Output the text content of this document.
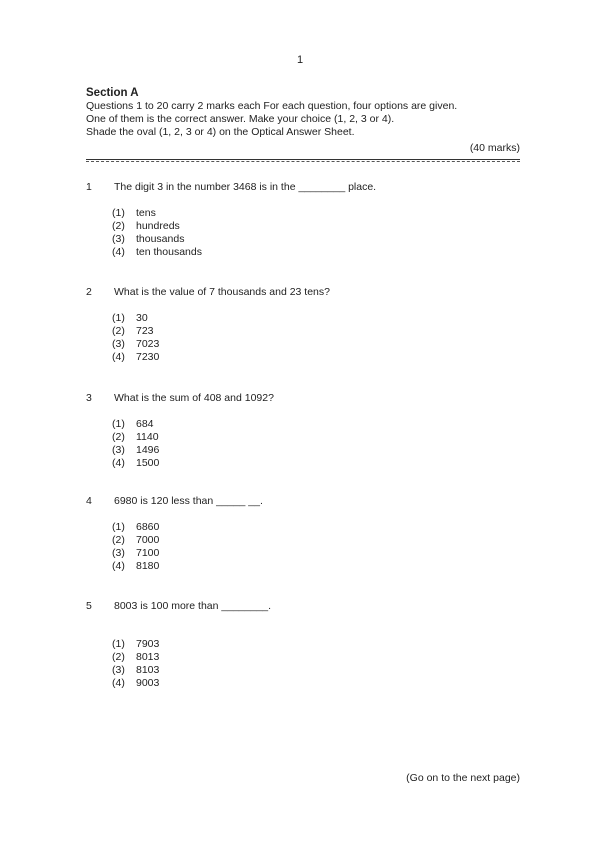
1
Section A
Questions 1 to 20 carry 2 marks each For each question, four options are given.
One of them is the correct answer. Make your choice (1, 2, 3 or 4).
Shade the oval (1, 2, 3 or 4) on the Optical Answer Sheet.
(40 marks)
1 The digit 3 in the number 3468 is in the ________ place.
(1) tens
(2) hundreds
(3) thousands
(4) ten thousands
2 What is the value of 7 thousands and 23 tens?
(1) 30
(2) 723
(3) 7023
(4) 7230
3 What is the sum of 408 and 1092?
(1) 684
(2) 1140
(3) 1496
(4) 1500
4 6980 is 120 less than _____ __.
(1) 6860
(2) 7000
(3) 7100
(4) 8180
5 8003 is 100 more than ________.
(1) 7903
(2) 8013
(3) 8103
(4) 9003
(Go on to the next page)
